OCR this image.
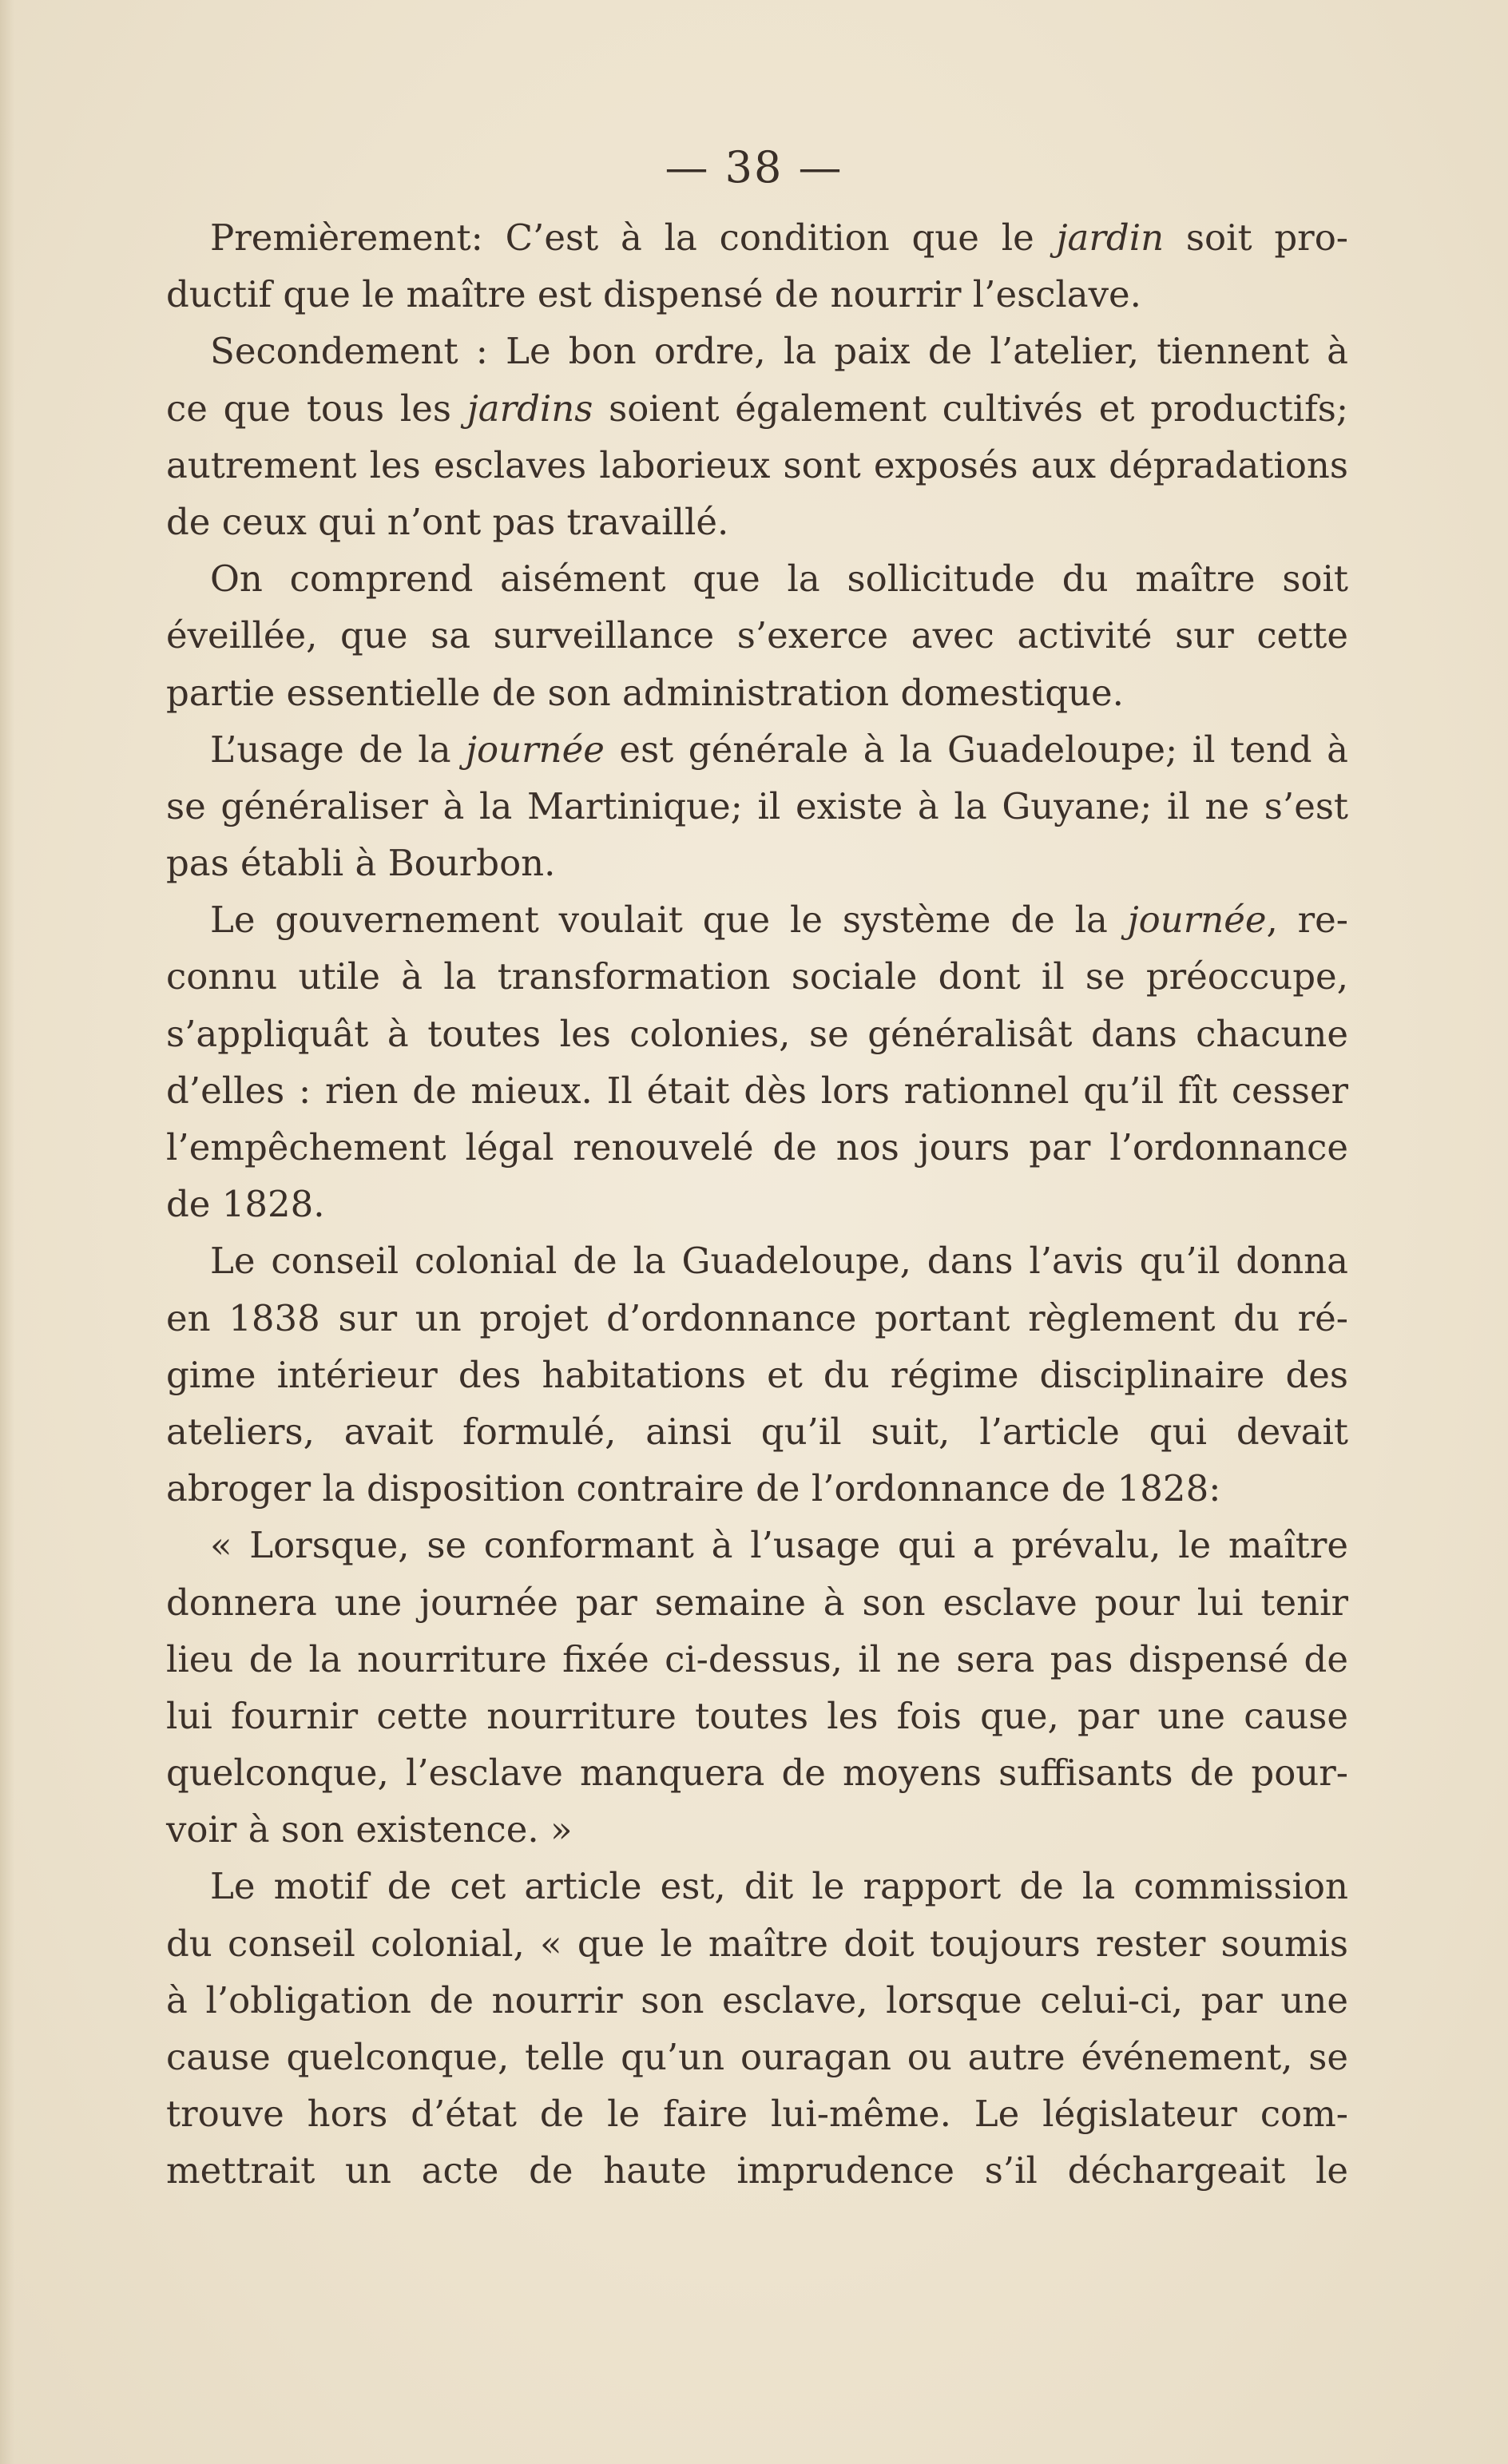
— 38 —
Premièrement: C’est à la condition que le jardin soit pro-
ductif que le maître est dispensé de nourrir l’esclave.
Secondement : Le bon ordre, la paix de l’atelier, tiennent à
ce que tous les jardins soient également cultivés et productifs;
autrement les esclaves laborieux sont exposés aux dépradations
de ceux qui n’ont pas travaillé.
On comprend aisément que la sollicitude du maître soit
éveillée, que sa surveillance s’exerce avec activité sur cette
partie essentielle de son administration domestique.
L’usage de la journée est générale à la Guadeloupe; il tend à
se généraliser à la Martinique; il existe à la Guyane; il ne s’est
pas établi à Bourbon.
Le gouvernement voulait que le système de la journée, re-
connu utile à la transformation sociale dont il se préoccupe,
s’appliquât à toutes les colonies, se généralisât dans chacune
d’elles : rien de mieux. Il était dès lors rationnel qu’il fît cesser
l’empêchement légal renouvelé de nos jours par l’ordonnance
de 1828.
Le conseil colonial de la Guadeloupe, dans l’avis qu’il donna
en 1838 sur un projet d’ordonnance portant règlement du ré-
gime intérieur des habitations et du régime disciplinaire des
ateliers, avait formulé, ainsi qu’il suit, l’article qui devait
abroger la disposition contraire de l’ordonnance de 1828:
« Lorsque, se conformant à l’usage qui a prévalu, le maître
donnera une journée par semaine à son esclave pour lui tenir
lieu de la nourriture fixée ci-dessus, il ne sera pas dispensé de
lui fournir cette nourriture toutes les fois que, par une cause
quelconque, l’esclave manquera de moyens suffisants de pour-
voir à son existence. »
Le motif de cet article est, dit le rapport de la commission
du conseil colonial, « que le maître doit toujours rester soumis
à l’obligation de nourrir son esclave, lorsque celui-ci, par une
cause quelconque, telle qu’un ouragan ou autre événement, se
trouve hors d’état de le faire lui-même. Le législateur com-
mettrait un acte de haute imprudence s’il déchargeait le
